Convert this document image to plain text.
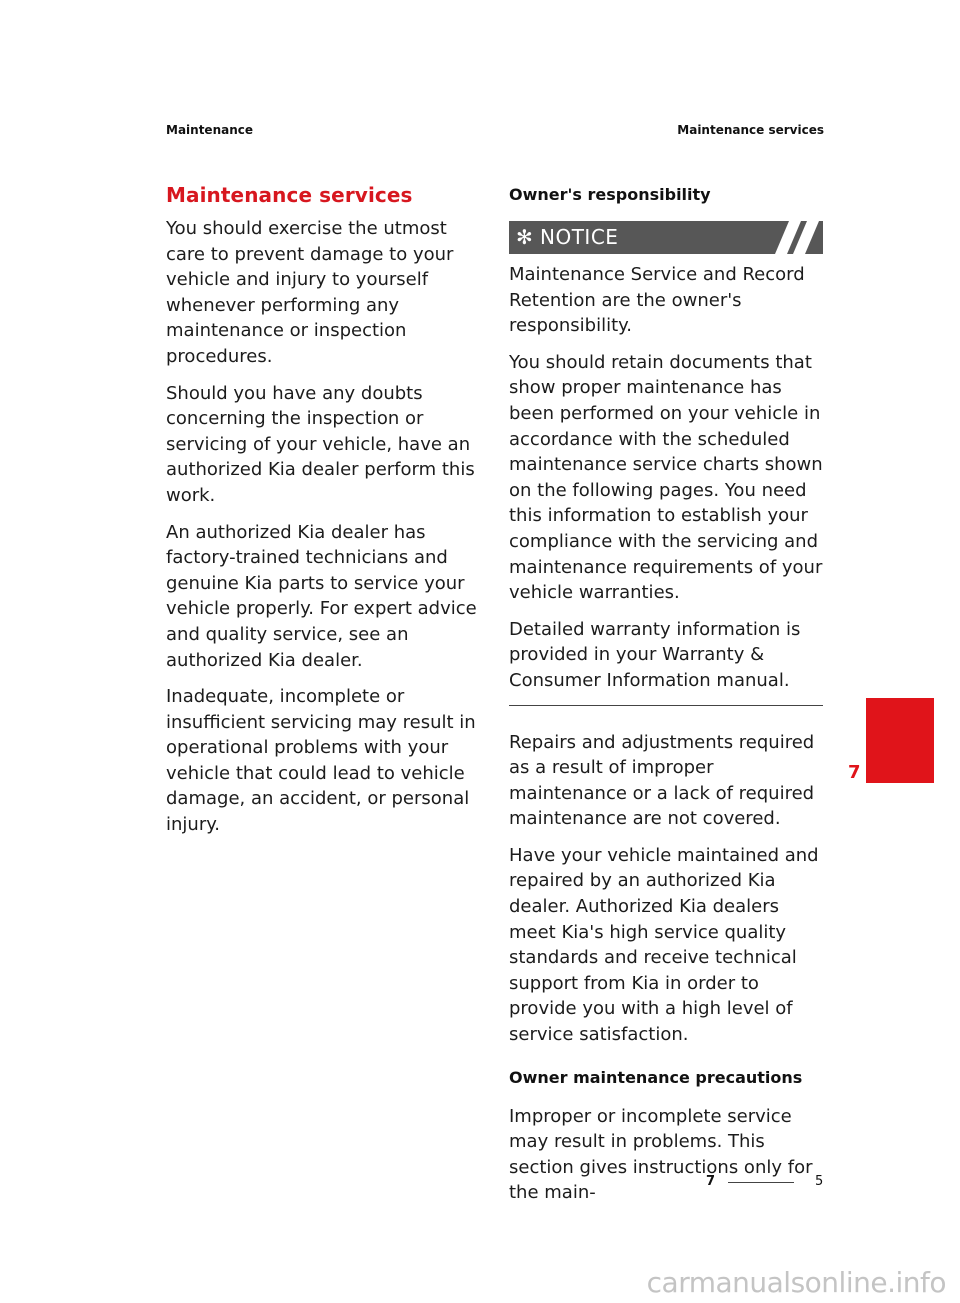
Maintenance	Maintenance services
Maintenance services

You should exercise the utmost care to prevent damage to your vehicle and injury to yourself whenever performing any maintenance or inspection procedures.

Should you have any doubts concerning the inspection or servicing of your vehicle, have an authorized Kia dealer perform this work.

An authorized Kia dealer has factory-trained technicians and genuine Kia parts to service your vehicle properly. For expert advice and quality service, see an authorized Kia dealer.

Inadequate, incomplete or insufficient servicing may result in operational problems with your vehicle that could lead to vehicle damage, an accident, or personal injury.

Owner's responsibility
✻ NOTICE

Maintenance Service and Record Retention are the owner's responsibility.

You should retain documents that show proper maintenance has been performed on your vehicle in accordance with the scheduled maintenance service charts shown on the following pages. You need this information to establish your compliance with the servicing and maintenance requirements of your vehicle warranties.

Detailed warranty information is provided in your Warranty & Consumer Information manual.

Repairs and adjustments required as a result of improper maintenance or a lack of required maintenance are not covered.

Have your vehicle maintained and repaired by an authorized Kia dealer. Authorized Kia dealers meet Kia's high service quality standards and receive technical support from Kia in order to provide you with a high level of service satisfaction.

Owner maintenance precautions

Improper or incomplete service may result in problems. This section gives instructions only for the main-

7
7	5
carmanualsonline.info
